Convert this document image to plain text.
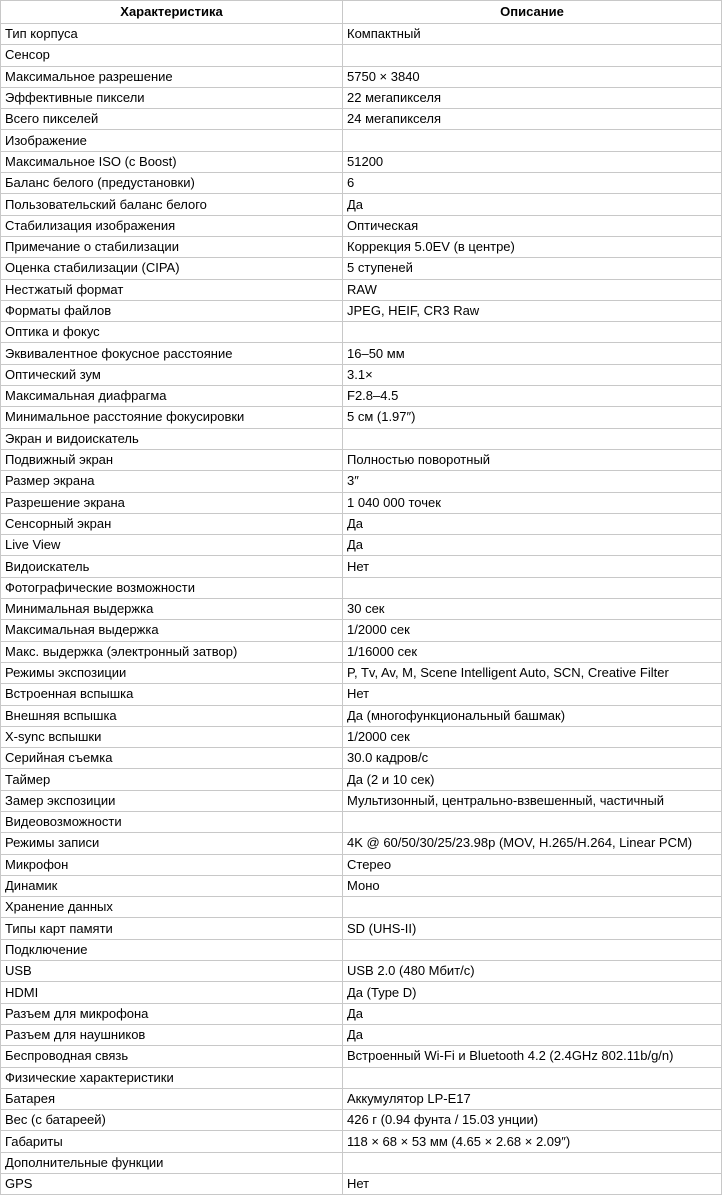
Характеристика	Описание
Тип корпуса	Компактный
Сенсор	
Максимальное разрешение	5750 × 3840
Эффективные пиксели	22 мегапикселя
Всего пикселей	24 мегапикселя
Изображение	
Максимальное ISO (с Boost)	51200
Баланс белого (предустановки)	6
Пользовательский баланс белого	Да
Стабилизация изображения	Оптическая
Примечание о стабилизации	Коррекция 5.0EV (в центре)
Оценка стабилизации (CIPA)	5 ступеней
Нестжатый формат	RAW
Форматы файлов	JPEG, HEIF, CR3 Raw
Оптика и фокус	
Эквивалентное фокусное расстояние	16–50 мм
Оптический зум	3.1×
Максимальная диафрагма	F2.8–4.5
Минимальное расстояние фокусировки	5 см (1.97″)
Экран и видоискатель	
Подвижный экран	Полностью поворотный
Размер экрана	3″
Разрешение экрана	1 040 000 точек
Сенсорный экран	Да
Live View	Да
Видоискатель	Нет
Фотографические возможности	
Минимальная выдержка	30 сек
Максимальная выдержка	1/2000 сек
Макс. выдержка (электронный затвор)	1/16000 сек
Режимы экспозиции	P, Tv, Av, M, Scene Intelligent Auto, SCN, Creative Filter
Встроенная вспышка	Нет
Внешняя вспышка	Да (многофункциональный башмак)
X-sync вспышки	1/2000 сек
Серийная съемка	30.0 кадров/с
Таймер	Да (2 и 10 сек)
Замер экспозиции	Мультизонный, центрально-взвешенный, частичный
Видеовозможности	
Режимы записи	4K @ 60/50/30/25/23.98p (MOV, H.265/H.264, Linear PCM)
Микрофон	Стерео
Динамик	Моно
Хранение данных	
Типы карт памяти	SD (UHS-II)
Подключение	
USB	USB 2.0 (480 Мбит/с)
HDMI	Да (Type D)
Разъем для микрофона	Да
Разъем для наушников	Да
Беспроводная связь	Встроенный Wi-Fi и Bluetooth 4.2 (2.4GHz 802.11b/g/n)
Физические характеристики	
Батарея	Аккумулятор LP-E17
Вес (с батареей)	426 г (0.94 фунта / 15.03 унции)
Габариты	118 × 68 × 53 мм (4.65 × 2.68 × 2.09″)
Дополнительные функции	
GPS	Нет
